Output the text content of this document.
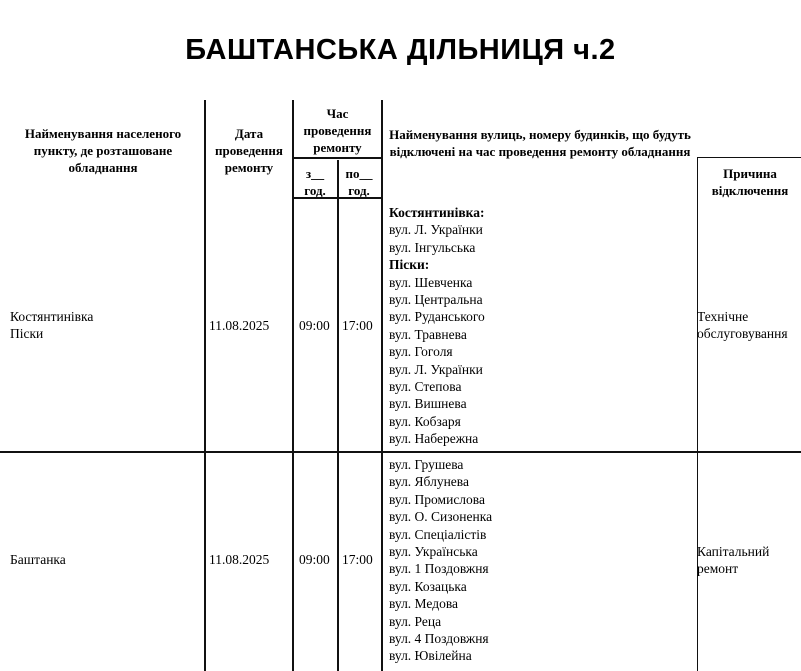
БАШТАНСЬКА ДІЛЬНИЦЯ ч.2
Найменування населеного пункту, де розташоване обладнання
Дата проведення ремонту
Час проведення ремонту
з__ год.
по__ год.
Найменування вулиць, номеру будинків, що будуть відключені на час проведення ремонту обладнання
Причина відключення
Костянтинівка
Піски
11.08.2025 09:00 17:00
Костянтинівка:
вул. Л. Українки
вул. Інгульська
Піски:
вул. Шевченка
вул. Центральна
вул. Руданського
вул. Травнева
вул. Гоголя
вул. Л. Українки
вул. Степова
вул. Вишнева
вул. Кобзаря
вул. Набережна
Технічне
обслуговування
Баштанка	11.08.2025 09:00 17:00
вул. Грушева
вул. Яблунева
вул. Промислова
вул. О. Сизоненка
вул. Спеціалістів
вул. Українська
вул. 1 Поздовжня
вул. Козацька
вул. Медова
вул. Реца
вул. 4 Поздовжня
вул. Ювілейна
Капітальний
ремонт
